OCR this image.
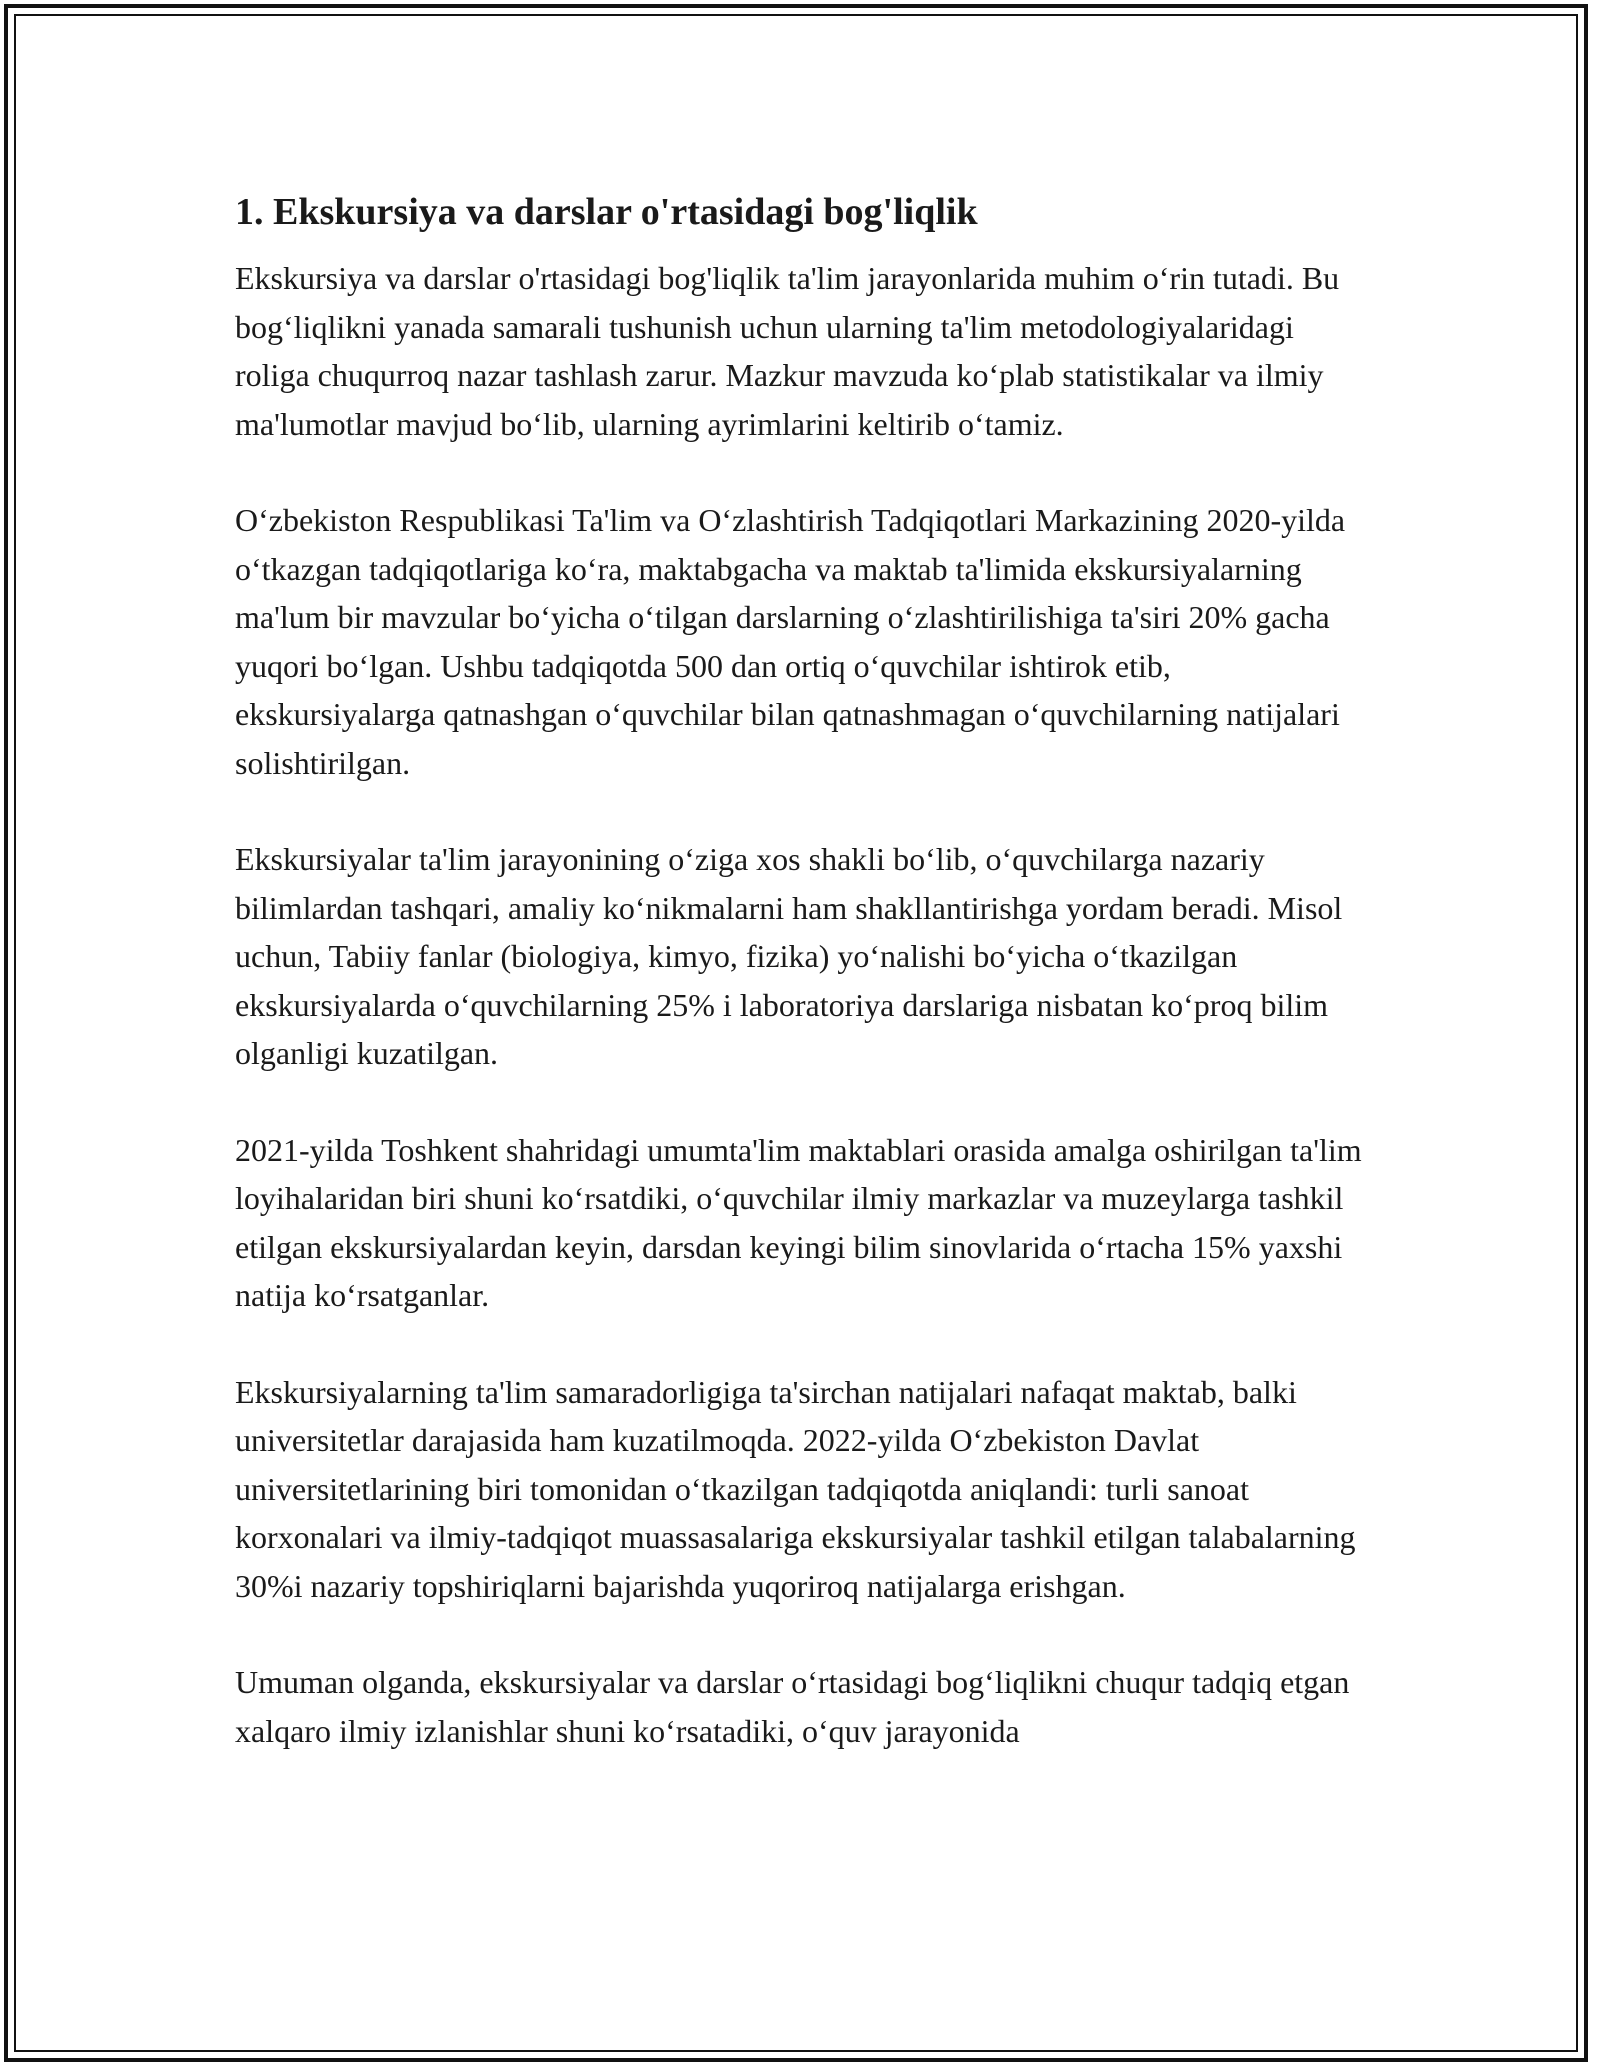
1. Ekskursiya va darslar o'rtasidagi bog'liqlik

Ekskursiya va darslar o'rtasidagi bog'liqlik ta'lim jarayonlarida muhim oʻrin tutadi. Bu bogʻliqlikni yanada samarali tushunish uchun ularning ta'lim metodologiyalaridagi roliga chuqurroq nazar tashlash zarur. Mazkur mavzuda koʻplab statistikalar va ilmiy ma'lumotlar mavjud boʻlib, ularning ayrimlarini keltirib oʻtamiz.

Oʻzbekiston Respublikasi Ta'lim va Oʻzlashtirish Tadqiqotlari Markazining 2020-yilda oʻtkazgan tadqiqotlariga koʻra, maktabgacha va maktab ta'limida ekskursiyalarning ma'lum bir mavzular boʻyicha oʻtilgan darslarning oʻzlashtirilishiga ta'siri 20% gacha yuqori boʻlgan. Ushbu tadqiqotda 500 dan ortiq oʻquvchilar ishtirok etib, ekskursiyalarga qatnashgan oʻquvchilar bilan qatnashmagan oʻquvchilarning natijalari solishtirilgan.

Ekskursiyalar ta'lim jarayonining oʻziga xos shakli boʻlib, oʻquvchilarga nazariy bilimlardan tashqari, amaliy koʻnikmalarni ham shakllantirishga yordam beradi. Misol uchun, Tabiiy fanlar (biologiya, kimyo, fizika) yoʻnalishi boʻyicha oʻtkazilgan ekskursiyalarda oʻquvchilarning 25% i laboratoriya darslariga nisbatan koʻproq bilim olganligi kuzatilgan.

2021-yilda Toshkent shahridagi umumta'lim maktablari orasida amalga oshirilgan ta'lim loyihalaridan biri shuni koʻrsatdiki, oʻquvchilar ilmiy markazlar va muzeylarga tashkil etilgan ekskursiyalardan keyin, darsdan keyingi bilim sinovlarida oʻrtacha 15% yaxshi natija koʻrsatganlar.

Ekskursiyalarning ta'lim samaradorligiga ta'sirchan natijalari nafaqat maktab, balki universitetlar darajasida ham kuzatilmoqda. 2022-yilda Oʻzbekiston Davlat universitetlarining biri tomonidan oʻtkazilgan tadqiqotda aniqlandi: turli sanoat korxonalari va ilmiy-tadqiqot muassasalariga ekskursiyalar tashkil etilgan talabalarning 30%i nazariy topshiriqlarni bajarishda yuqoriroq natijalarga erishgan.

Umuman olganda, ekskursiyalar va darslar oʻrtasidagi bogʻliqlikni chuqur tadqiq etgan xalqaro ilmiy izlanishlar shuni koʻrsatadiki, oʻquv jarayonida
